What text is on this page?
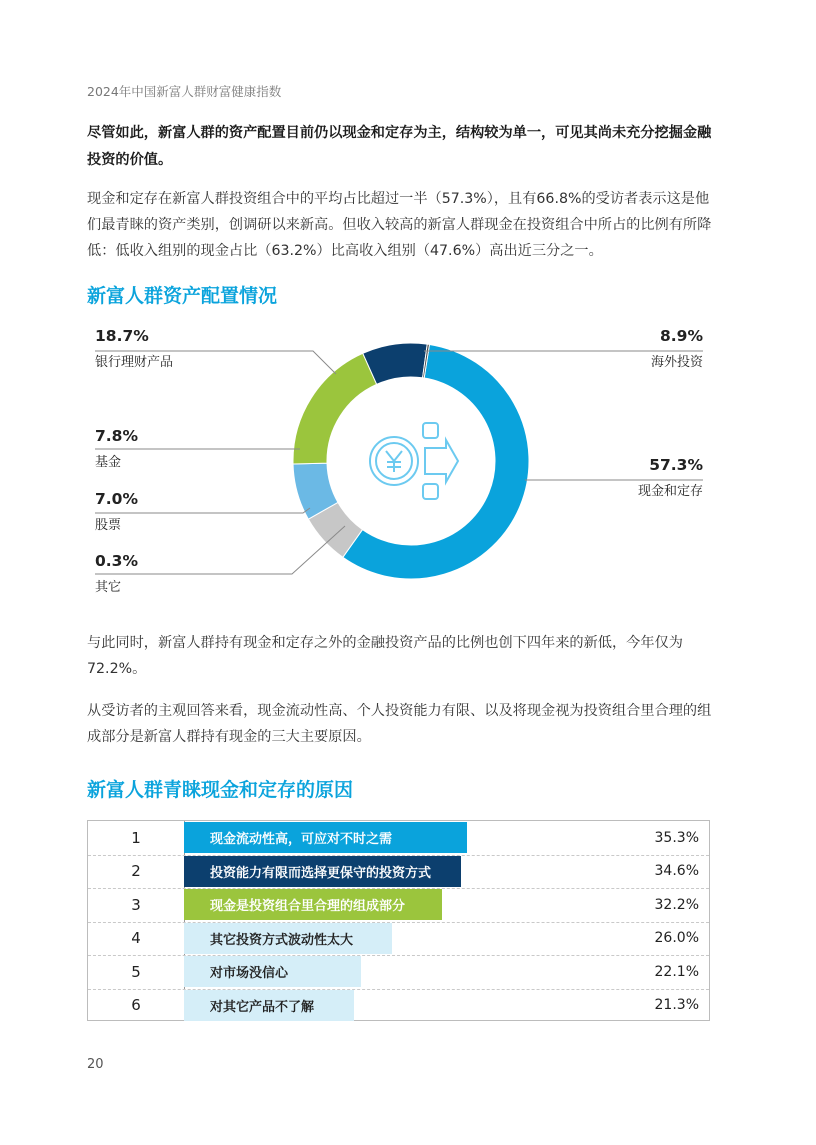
2024年中国新富人群财富健康指数

尽管如此，新富人群的资产配置目前仍以现金和定存为主，结构较为单一，可见其尚未充分挖掘金融投资的价值。

现金和定存在新富人群投资组合中的平均占比超过一半（57.3%），且有66.8%的受访者表示这是他们最青睐的资产类别，创调研以来新高。但收入较高的新富人群现金在投资组合中所占的比例有所降低：低收入组别的现金占比（63.2%）比高收入组别（47.6%）高出近三分之一。

新富人群资产配置情况
18.7%
银行理财产品
7.8%
基金
7.0%
股票
0.3%
其它
8.9%
海外投资
57.3%
现金和定存

与此同时，新富人群持有现金和定存之外的金融投资产品的比例也创下四年来的新低，今年仅为72.2%。

从受访者的主观回答来看，现金流动性高、个人投资能力有限、以及将现金视为投资组合里合理的组成部分是新富人群持有现金的三大主要原因。

新富人群青睐现金和定存的原因
1	现金流动性高，可应对不时之需	35.3%
2	投资能力有限而选择更保守的投资方式	34.6%
3	现金是投资组合里合理的组成部分	32.2%
4	其它投资方式波动性太大	26.0%
5	对市场没信心	22.1%
6	对其它产品不了解	21.3%
20
